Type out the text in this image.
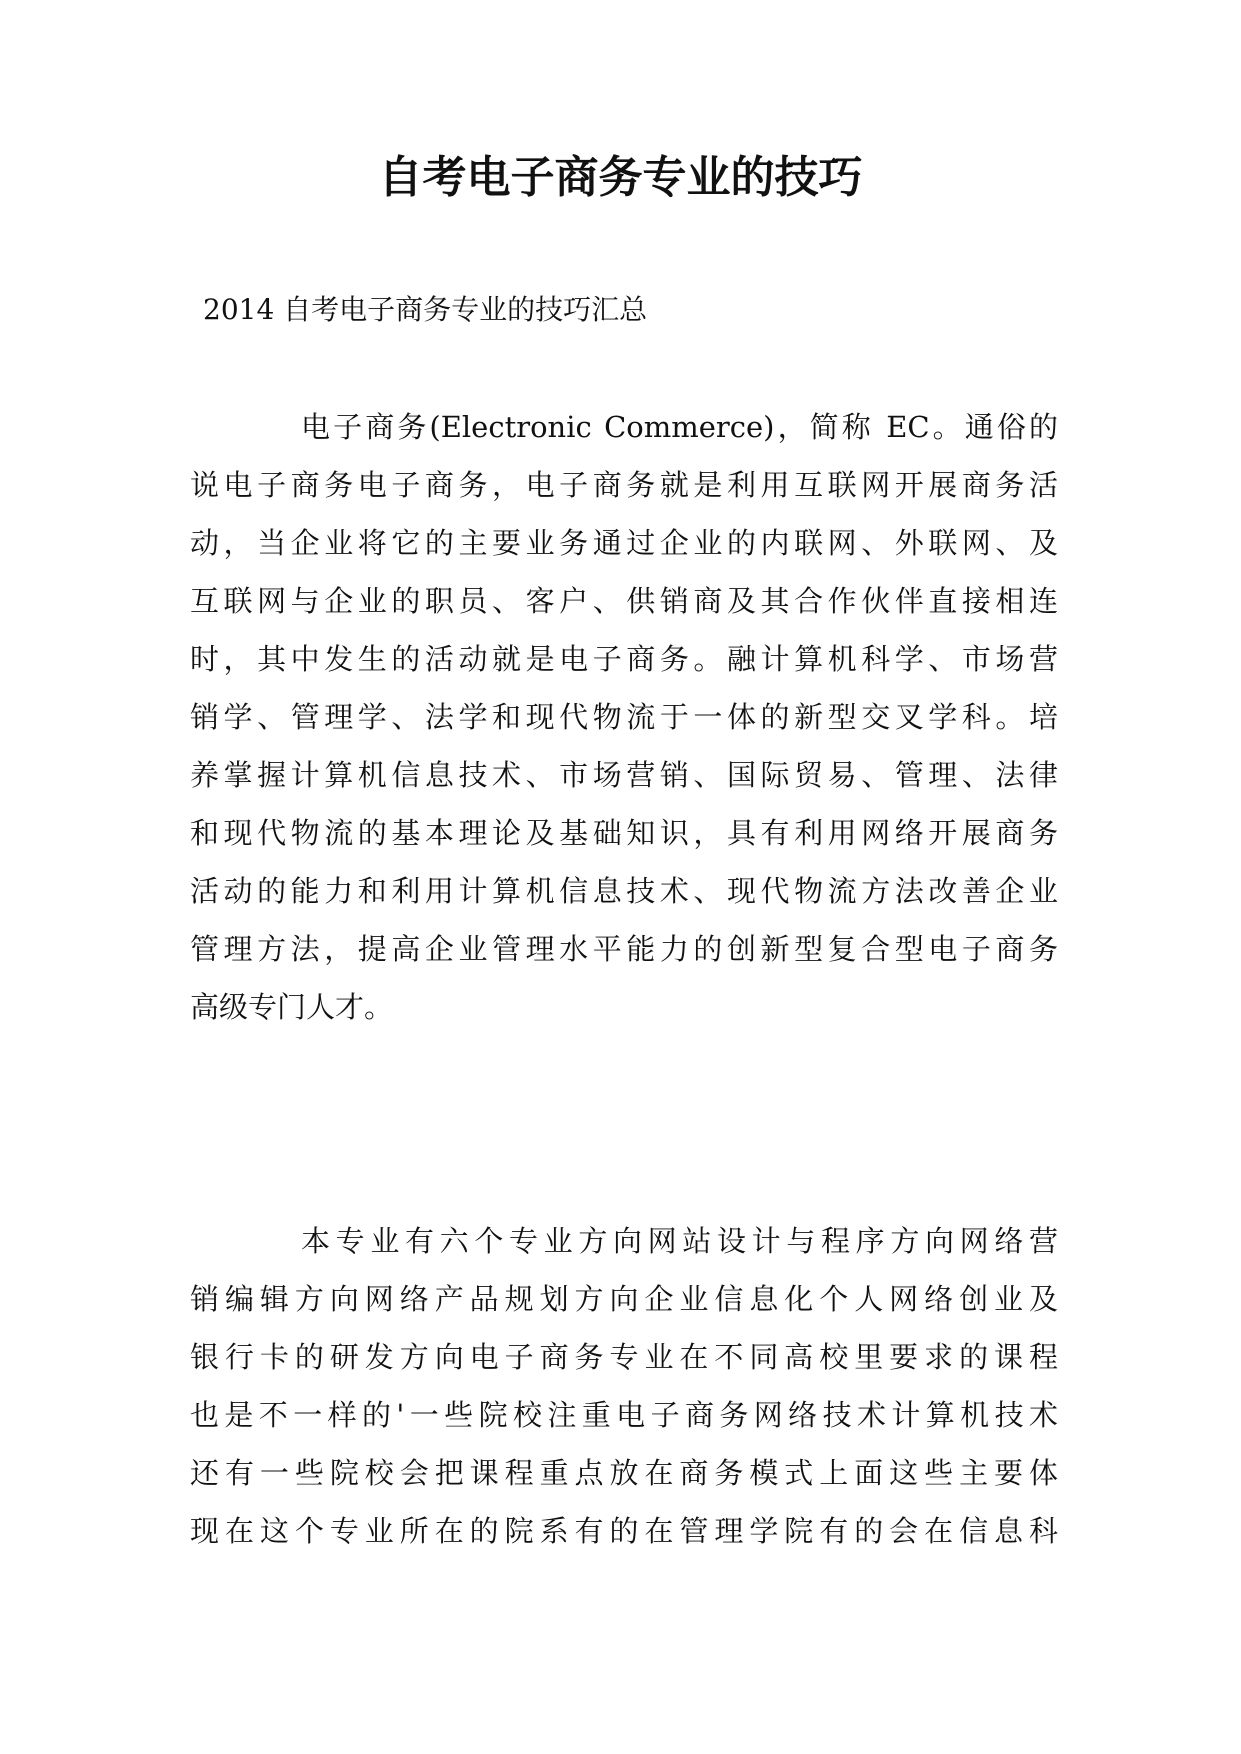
自考电子商务专业的技巧

2014 自考电子商务专业的技巧汇总

电子商务(Electronic Commerce)，简称 EC。通俗的
说电子商务电子商务，电子商务就是利用互联网开展商务活
动，当企业将它的主要业务通过企业的内联网、外联网、及
互联网与企业的职员、客户、供销商及其合作伙伴直接相连
时，其中发生的活动就是电子商务。融计算机科学、市场营
销学、管理学、法学和现代物流于一体的新型交叉学科。培
养掌握计算机信息技术、市场营销、国际贸易、管理、法律
和现代物流的基本理论及基础知识，具有利用网络开展商务
活动的能力和利用计算机信息技术、现代物流方法改善企业
管理方法，提高企业管理水平能力的创新型复合型电子商务
高级专门人才。
本专业有六个专业方向网站设计与程序方向网络营
销编辑方向网络产品规划方向企业信息化个人网络创业及
银行卡的研发方向电子商务专业在不同高校里要求的课程
也是不一样的'一些院校注重电子商务网络技术计算机技术
还有一些院校会把课程重点放在商务模式上面这些主要体
现在这个专业所在的院系有的在管理学院有的会在信息科
